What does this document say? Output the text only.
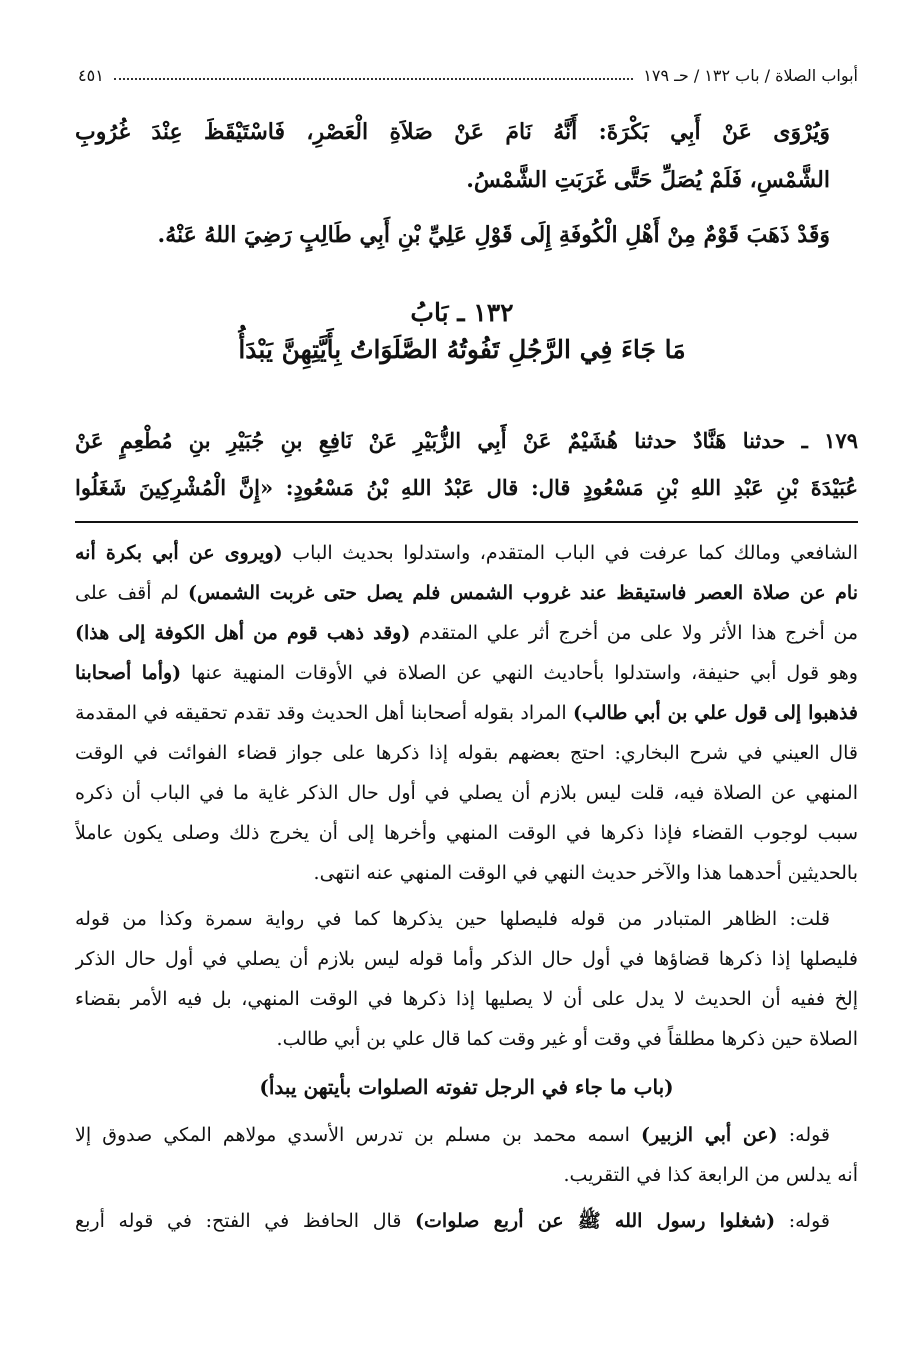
أبواب الصلاة / باب ١٣٢ / حـ ١٧٩
٤٥١
وَيُرْوَى عَنْ أَبِي بَكْرَةَ: أَنَّهُ نَامَ عَنْ صَلاَةِ الْعَصْرِ، فَاسْتَيْقَظَ عِنْدَ غُرُوبِ
الشَّمْسِ، فَلَمْ يُصَلِّ حَتَّى غَرَبَتِ الشَّمْسُ.
وَقَدْ ذَهَبَ قَوْمٌ مِنْ أَهْلِ الْكُوفَةِ إِلَى قَوْلِ عَلِيِّ بْنِ أَبِي طَالِبٍ رَضِيَ اللهُ عَنْهُ.
١٣٢ ـ بَابُ
مَا جَاءَ فِي الرَّجُلِ تَفُوتُهُ الصَّلَوَاتُ بِأَيَّتِهِنَّ يَبْدَأُ
١٧٩ ـ حدثنا هَنَّادٌ حدثنا هُشَيْمٌ عَنْ أَبِي الزُّبَيْرِ عَنْ نَافِعِ بنِ جُبَيْرِ بنِ مُطْعِمٍ عَنْ
عُبَيْدَةَ بْنِ عَبْدِ اللهِ بْنِ مَسْعُودٍ قال: قال عَبْدُ اللهِ بْنُ مَسْعُودٍ: «إِنَّ الْمُشْرِكِينَ شَغَلُوا
الشافعي ومالك كما عرفت في الباب المتقدم، واستدلوا بحديث الباب (ويروى عن أبي بكرة أنه
نام عن صلاة العصر فاستيقظ عند غروب الشمس فلم يصل حتى غربت الشمس) لم أقف على
من أخرج هذا الأثر ولا على من أخرج أثر علي المتقدم (وقد ذهب قوم من أهل الكوفة إلى هذا)
وهو قول أبي حنيفة، واستدلوا بأحاديث النهي عن الصلاة في الأوقات المنهية عنها (وأما أصحابنا
فذهبوا إلى قول علي بن أبي طالب) المراد بقوله أصحابنا أهل الحديث وقد تقدم تحقيقه في المقدمة
قال العيني في شرح البخاري: احتج بعضهم بقوله إذا ذكرها على جواز قضاء الفوائت في الوقت
المنهي عن الصلاة فيه، قلت ليس بلازم أن يصلي في أول حال الذكر غاية ما في الباب أن ذكره
سبب لوجوب القضاء فإذا ذكرها في الوقت المنهي وأخرها إلى أن يخرج ذلك وصلى يكون عاملاً
بالحديثين أحدهما هذا والآخر حديث النهي في الوقت المنهي عنه انتهى.
قلت: الظاهر المتبادر من قوله فليصلها حين يذكرها كما في رواية سمرة وكذا من قوله
فليصلها إذا ذكرها قضاؤها في أول حال الذكر وأما قوله ليس بلازم أن يصلي في أول حال الذكر
إلخ ففيه أن الحديث لا يدل على أن لا يصليها إذا ذكرها في الوقت المنهي، بل فيه الأمر بقضاء
الصلاة حين ذكرها مطلقاً في وقت أو غير وقت كما قال علي بن أبي طالب.
(باب ما جاء في الرجل تفوته الصلوات بأيتهن يبدأ)
قوله: (عن أبي الزبير) اسمه محمد بن مسلم بن تدرس الأسدي مولاهم المكي صدوق إلا
أنه يدلس من الرابعة كذا في التقريب.
قوله: (شغلوا رسول الله ﷺ عن أربع صلوات) قال الحافظ في الفتح: في قوله أربع
